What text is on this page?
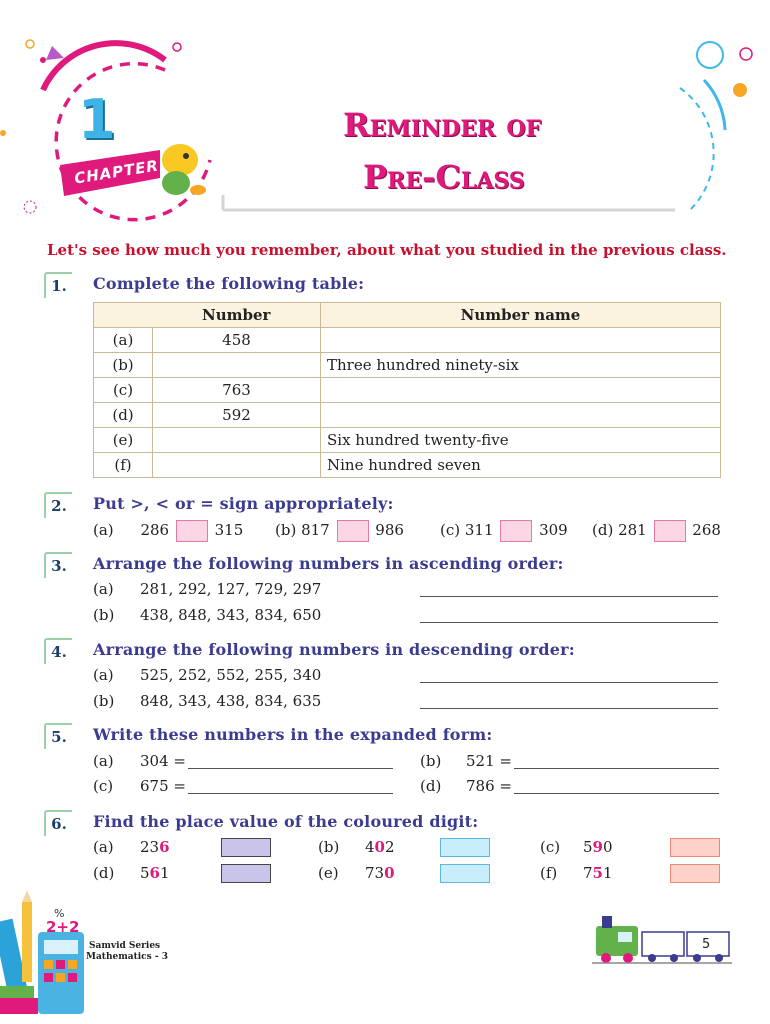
1
CHAPTER
Reminder of
Pre-Class
Let's see how much you remember, about what you studied in the previous class.
1.	Complete the following table:
	Number	Number name
(a)	458	
(b)		Three hundred ninety-six
(c)	763	
(d)	592	
(e)		Six hundred twenty-five
(f)		Nine hundred seven
2.	Put >, < or = sign appropriately:
(a) 286	315 (b) 817	986 (c) 311	309 (d) 281	268
3.	Arrange the following numbers in ascending order:
(a) 281, 292, 127, 729, 297
(b) 438, 848, 343, 834, 650
4.	Arrange the following numbers in descending order:
(a) 525, 252, 552, 255, 340
(b) 848, 343, 438, 834, 635
5.	Write these numbers in the expanded form:
(a) 304 =	(b) 521 =
(c) 675 =	(d) 786 =
6.	Find the place value of the coloured digit:
(a) 236	(b) 402	(c) 590
(d) 561	(e) 730	(f) 751
%
2+2
Samvid Series
Mathematics - 3
5
